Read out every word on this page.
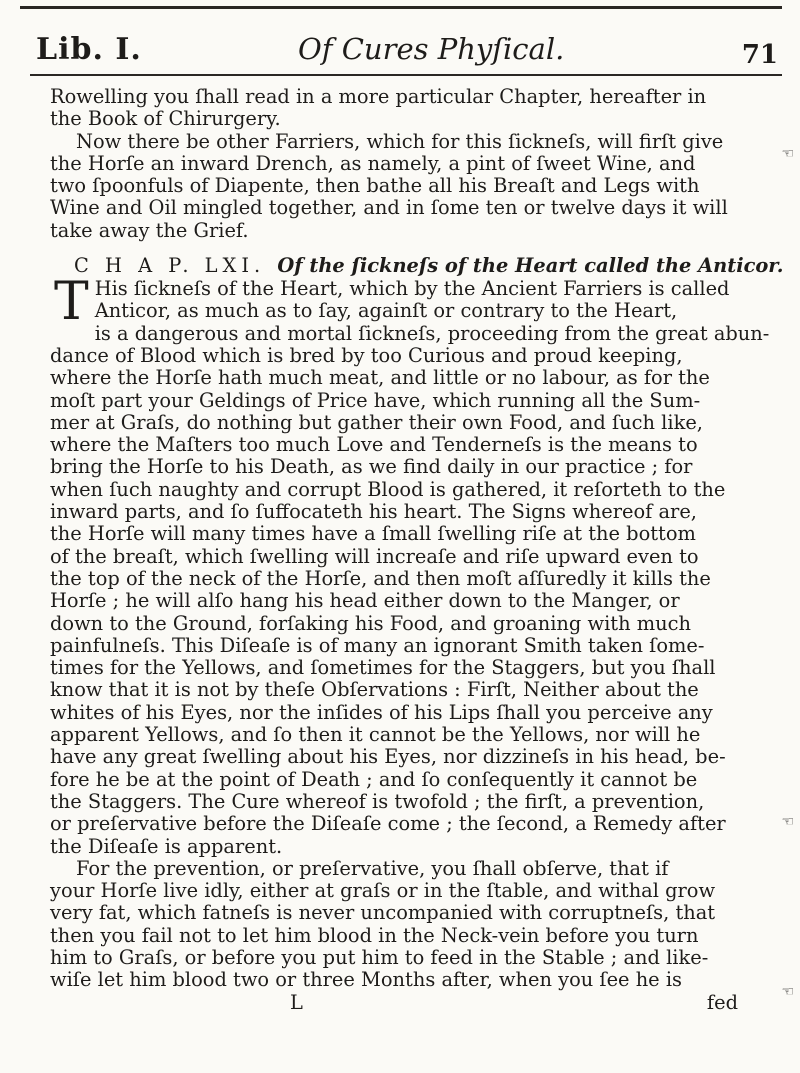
Lib. I.	Of Cures Phyſical.	71
☜
☜
☜
Rowelling you ſhall read in a more particular Chapter, hereafter in
the Book of Chirurgery.
Now there be other Farriers, which for this ſickneſs, will firſt give
the Horſe an inward Drench, as namely, a pint of ſweet Wine, and
two ſpoonfuls of Diapente, then bathe all his Breaſt and Legs with
Wine and Oil mingled together, and in ſome ten or twelve days it will
take away the Grief.
C H A P. LXI. Of the ſickneſs of the Heart called the Anticor.
T His ſickneſs of the Heart, which by the Ancient Farriers is called
Anticor, as much as to ſay, againſt or contrary to the Heart,
is a dangerous and mortal ſickneſs, proceeding from the great abun-
dance of Blood which is bred by too Curious and proud keeping,
where the Horſe hath much meat, and little or no labour, as for the
moſt part your Geldings of Price have, which running all the Sum-
mer at Graſs, do nothing but gather their own Food, and ſuch like,
where the Maſters too much Love and Tenderneſs is the means to
bring the Horſe to his Death, as we find daily in our practice ; for
when ſuch naughty and corrupt Blood is gathered, it reſorteth to the
inward parts, and ſo ſuffocateth his heart. The Signs whereof are,
the Horſe will many times have a ſmall ſwelling riſe at the bottom
of the breaſt, which ſwelling will increaſe and riſe upward even to
the top of the neck of the Horſe, and then moſt aſſuredly it kills the
Horſe ; he will alſo hang his head either down to the Manger, or
down to the Ground, forſaking his Food, and groaning with much
painfulneſs. This Diſeaſe is of many an ignorant Smith taken ſome-
times for the Yellows, and ſometimes for the Staggers, but you ſhall
know that it is not by theſe Obſervations : Firſt, Neither about the
whites of his Eyes, nor the inſides of his Lips ſhall you perceive any
apparent Yellows, and ſo then it cannot be the Yellows, nor will he
have any great ſwelling about his Eyes, nor dizzineſs in his head, be-
fore he be at the point of Death ; and ſo conſequently it cannot be
the Staggers. The Cure whereof is twofold ; the firſt, a prevention,
or preſervative before the Diſeaſe come ; the ſecond, a Remedy after
the Diſeaſe is apparent.
For the prevention, or preſervative, you ſhall obſerve, that if
your Horſe live idly, either at graſs or in the ſtable, and withal grow
very fat, which fatneſs is never uncompanied with corruptneſs, that
then you fail not to let him blood in the Neck-vein before you turn
him to Graſs, or before you put him to feed in the Stable ; and like-
wiſe let him blood two or three Months after, when you ſee he is
L	fed
